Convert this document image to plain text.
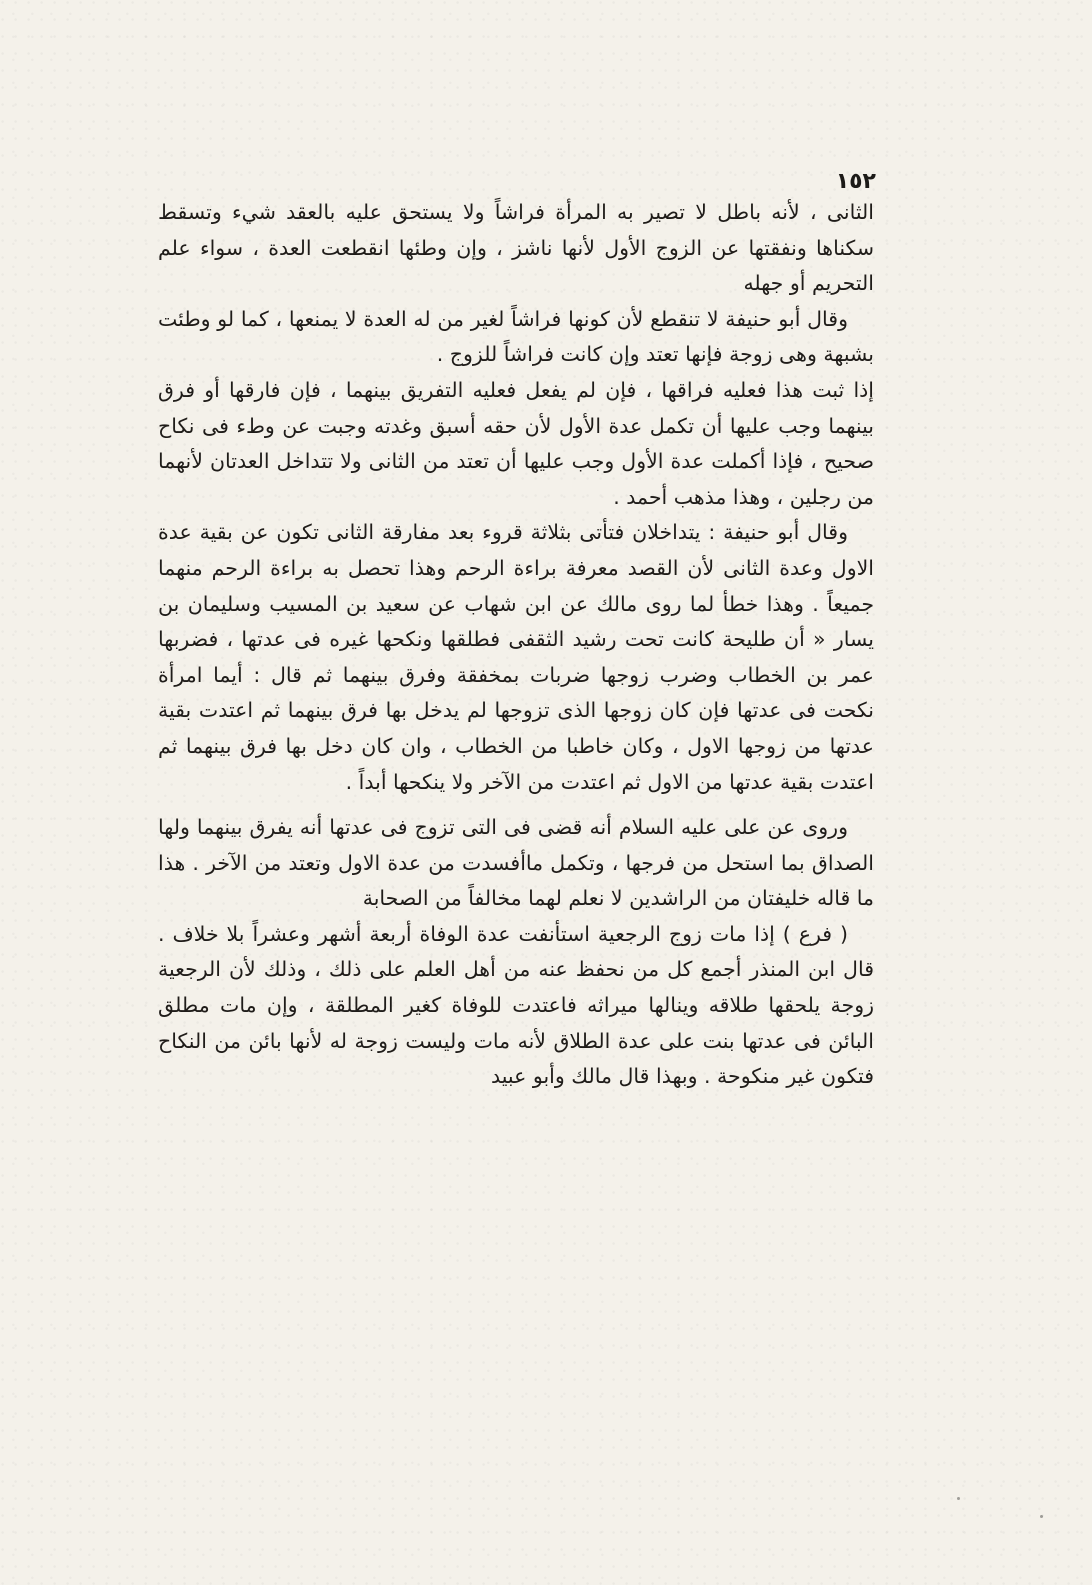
١٥٢

الثانى ، لأنه باطل لا تصير به المرأة فراشاً ولا يستحق عليه بالعقد شيء وتسقط سكناها ونفقتها عن الزوج الأول لأنها ناشز ، وإن وطئها انقطعت العدة ، سواء علم التحريم أو جهله

وقال أبو حنيفة لا تنقطع لأن كونها فراشاً لغير من له العدة لا يمنعها ، كما لو وطئت بشبهة وهى زوجة فإنها تعتد وإن كانت فراشاً للزوج .

إذا ثبت هذا فعليه فراقها ، فإن لم يفعل فعليه التفريق بينهما ، فإن فارقها أو فرق بينهما وجب عليها أن تكمل عدة الأول لأن حقه أسبق وغدته وجبت عن وطء فى نكاح صحيح ، فإذا أكملت عدة الأول وجب عليها أن تعتد من الثانى ولا تتداخل العدتان لأنهما من رجلين ، وهذا مذهب أحمد .

وقال أبو حنيفة : يتداخلان فتأتى بثلاثة قروء بعد مفارقة الثانى تكون عن بقية عدة الاول وعدة الثانى لأن القصد معرفة براءة الرحم وهذا تحصل به براءة الرحم منهما جميعاً . وهذا خطأ لما روى مالك عن ابن شهاب عن سعيد بن المسيب وسليمان بن يسار « أن طليحة كانت تحت رشيد الثقفى فطلقها ونكحها غيره فى عدتها ، فضربها عمر بن الخطاب وضرب زوجها ضربات بمخفقة وفرق بينهما ثم قال : أيما امرأة نكحت فى عدتها فإن كان زوجها الذى تزوجها لم يدخل بها فرق بينهما ثم اعتدت بقية عدتها من زوجها الاول ، وكان خاطبا من الخطاب ، وان كان دخل بها فرق بينهما ثم اعتدت بقية عدتها من الاول ثم اعتدت من الآخر ولا ينكحها أبداً .

وروى عن على عليه السلام أنه قضى فى التى تزوج فى عدتها أنه يفرق بينهما ولها الصداق بما استحل من فرجها ، وتكمل ماأفسدت من عدة الاول وتعتد من الآخر . هذا ما قاله خليفتان من الراشدين لا نعلم لهما مخالفاً من الصحابة

( فرع ) إذا مات زوج الرجعية استأنفت عدة الوفاة أربعة أشهر وعشراً بلا خلاف . قال ابن المنذر أجمع كل من نحفظ عنه من أهل العلم على ذلك ، وذلك لأن الرجعية زوجة يلحقها طلاقه وينالها ميراثه فاعتدت للوفاة كغير المطلقة ، وإن مات مطلق البائن فى عدتها بنت على عدة الطلاق لأنه مات وليست زوجة له لأنها بائن من النكاح فتكون غير منكوحة . وبهذا قال مالك وأبو عبيد
